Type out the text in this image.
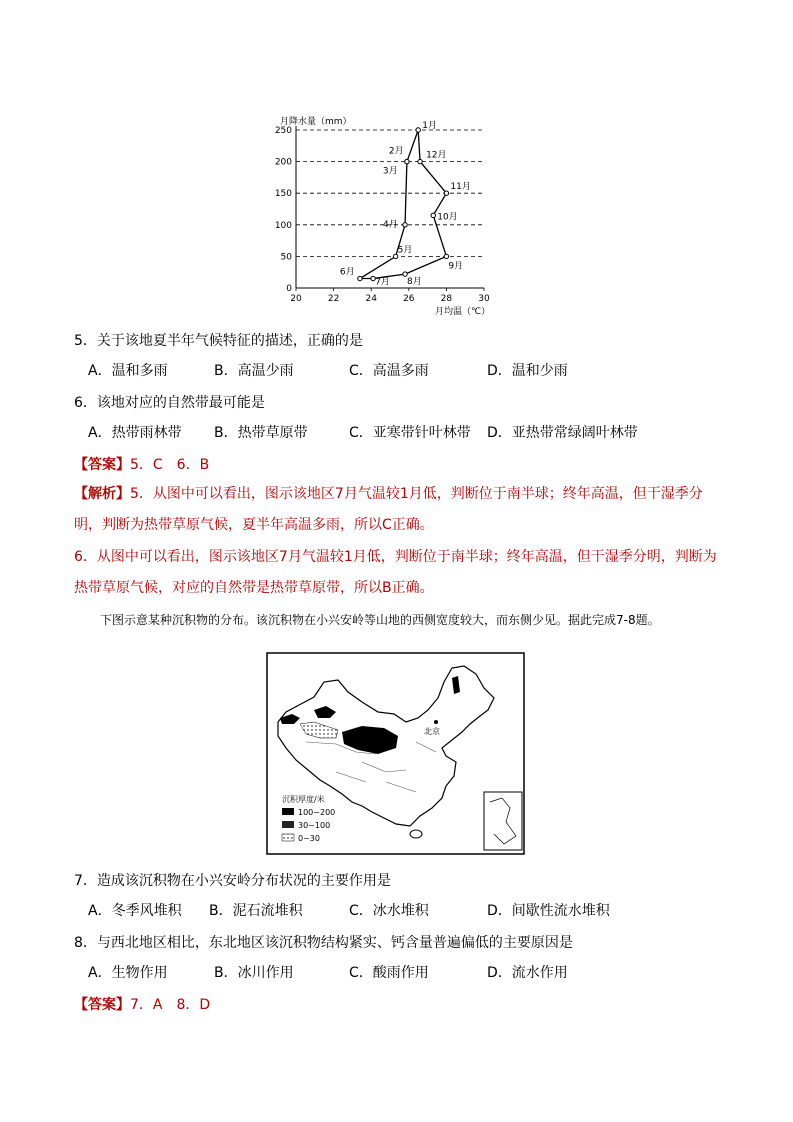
0
50
100
150
200
250
20	22	24	26	28	30
1月
2月
3月
4月
5月
6月
7月 8月
9月
10月
11月
12月
月降水量（mm）
月均温（℃）
5．关于该地夏半年气候特征的描述，正确的是
A．温和多雨	B．高温少雨	C．高温多雨	D．温和少雨
6．该地对应的自然带最可能是
A．热带雨林带 B．热带草原带	C．亚寒带针叶林带 D．亚热带常绿阔叶林带
【答案】5．C　6．B
【解析】5．从图中可以看出，图示该地区7月气温较1月低，判断位于南半球；终年高温，但干湿季分明，判断为热带草原气候，夏半年高温多雨，所以C正确。
6．从图中可以看出，图示该地区7月气温较1月低，判断位于南半球；终年高温，但干湿季分明，判断为热带草原气候，对应的自然带是热带草原带，所以B正确。
下图示意某种沉积物的分布。该沉积物在小兴安岭等山地的西侧宽度较大，而东侧少见。据此完成7-8题。
北京
沉积厚度/米
100~200
30~100
0~30
7．造成该沉积物在小兴安岭分布状况的主要作用是
A．冬季风堆积 B．泥石流堆积	C．冰水堆积	D．间歇性流水堆积
8．与西北地区相比，东北地区该沉积物结构紧实、钙含量普遍偏低的主要原因是
A．生物作用	B．冰川作用	C．酸雨作用	D．流水作用
【答案】7．A　8．D
